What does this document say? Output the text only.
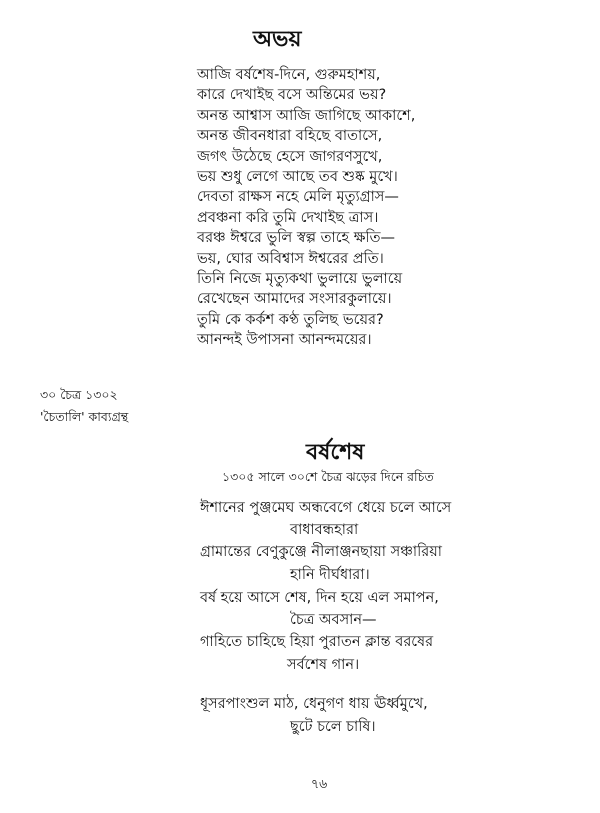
অভয়
আজি বর্ষশেষ-দিনে, গুরুমহাশয়,
কারে দেখাইছ বসে অন্তিমের ভয়?
অনন্ত আশ্বাস আজি জাগিছে আকাশে,
অনন্ত জীবনধারা বহিছে বাতাসে,
জগৎ উঠেছে হেসে জাগরণসুখে,
ভয় শুধু লেগে আছে তব শুষ্ক মুখে।
দেবতা রাক্ষস নহে মেলি মৃত্যুগ্রাস—
প্রবঞ্চনা করি তুমি দেখাইছ ত্রাস।
বরঞ্চ ঈশ্বরে ভুলি স্বল্প তাহে ক্ষতি—
ভয়, ঘোর অবিশ্বাস ঈশ্বরের প্রতি।
তিনি নিজে মৃত্যুকথা ভুলায়ে ভুলায়ে
রেখেছেন আমাদের সংসারকুলায়ে।
তুমি কে কর্কশ কণ্ঠ তুলিছ ভয়ের?
আনন্দই উপাসনা আনন্দময়ের।
৩০ চৈত্র ১৩০২
'চৈতালি' কাব্যগ্রন্থ
বর্ষশেষ
১৩০৫ সালে ৩০শে চৈত্র ঝড়ের দিনে রচিত
ঈশানের পুঞ্জমেঘ অন্ধবেগে ধেয়ে চলে আসে
বাধাবন্ধহারা
গ্রামান্তের বেণুকুঞ্জে নীলাঞ্জনছায়া সঞ্চারিয়া
হানি দীর্ঘধারা।
বর্ষ হয়ে আসে শেষ, দিন হয়ে এল সমাপন,
চৈত্র অবসান—
গাহিতে চাহিছে হিয়া পুরাতন ক্লান্ত বরষের
সর্বশেষ গান।
ধূসরপাংশুল মাঠ, ধেনুগণ ধায় ঊর্ধ্বমুখে,
ছুটে চলে চাষি।
৭৬
